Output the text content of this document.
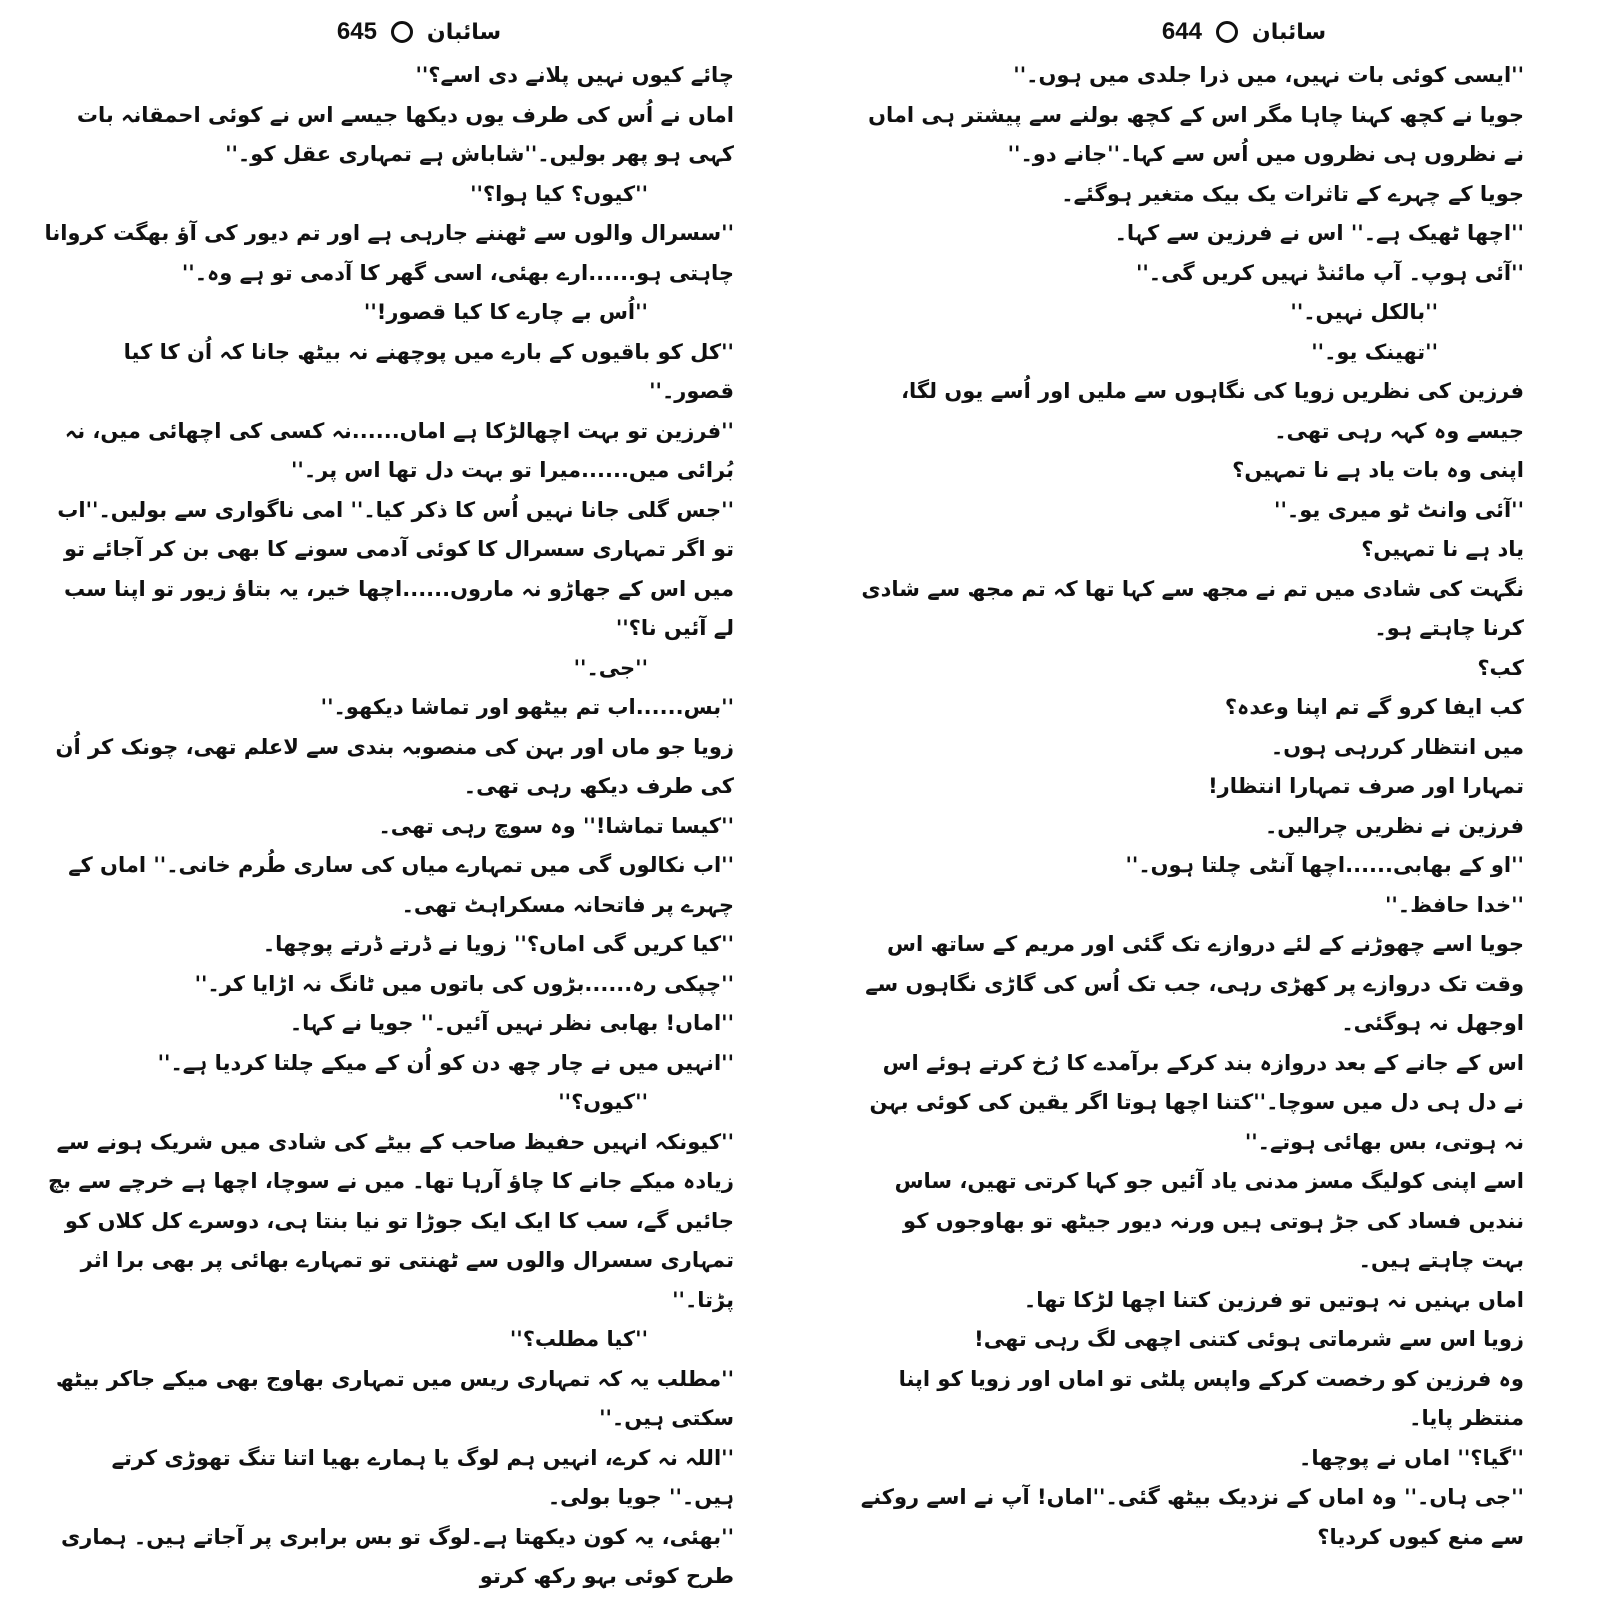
645 سائبان

چائے کیوں نہیں پلانے دی اسے؟''

اماں نے اُس کی طرف یوں دیکھا جیسے اس نے کوئی احمقانہ بات کہی ہو پھر بولیں۔''شاباش ہے تمہاری عقل کو۔''

''کیوں؟ کیا ہوا؟''

''سسرال والوں سے ٹھننے جارہی ہے اور تم دیور کی آؤ بھگت کروانا چاہتی ہو......ارے بھئی، اسی گھر کا آدمی تو ہے وہ۔''

''اُس بے چارے کا کیا قصور!''

''کل کو باقیوں کے بارے میں پوچھنے نہ بیٹھ جانا کہ اُن کا کیا قصور۔''

''فرزین تو بہت اچھالڑکا ہے اماں......نہ کسی کی اچھائی میں، نہ بُرائی میں......میرا تو بہت دل تھا اس پر۔''

''جس گلی جانا نہیں اُس کا ذکر کیا۔'' امی ناگواری سے بولیں۔''اب تو اگر تمہاری سسرال کا کوئی آدمی سونے کا بھی بن کر آجائے تو میں اس کے جھاڑو نہ ماروں......اچھا خیر، یہ بتاؤ زیور تو اپنا سب لے آئیں نا؟''

''جی۔''

''بس......اب تم بیٹھو اور تماشا دیکھو۔''

زویا جو ماں اور بہن کی منصوبہ بندی سے لاعلم تھی، چونک کر اُن کی طرف دیکھ رہی تھی۔

''کیسا تماشا!'' وہ سوچ رہی تھی۔

''اب نکالوں گی میں تمہارے میاں کی ساری طُرم خانی۔'' اماں کے چہرے پر فاتحانہ مسکراہٹ تھی۔

''کیا کریں گی اماں؟'' زویا نے ڈرتے ڈرتے پوچھا۔

''چپکی رہ......بڑوں کی باتوں میں ٹانگ نہ اڑایا کر۔''

''اماں! بھابی نظر نہیں آئیں۔'' جویا نے کہا۔

''انہیں میں نے چار چھ دن کو اُن کے میکے چلتا کردیا ہے۔''

''کیوں؟''

''کیونکہ انہیں حفیظ صاحب کے بیٹے کی شادی میں شریک ہونے سے زیادہ میکے جانے کا چاؤ آرہا تھا۔ میں نے سوچا، اچھا ہے خرچے سے بچ جائیں گے، سب کا ایک ایک جوڑا تو نیا بنتا ہی، دوسرے کل کلاں کو تمہاری سسرال والوں سے ٹھنتی تو تمہارے بھائی پر بھی برا اثر پڑتا۔''

''کیا مطلب؟''

''مطلب یہ کہ تمہاری ریس میں تمہاری بھاوج بھی میکے جاکر بیٹھ سکتی ہیں۔''

''اللہ نہ کرے، انہیں ہم لوگ یا ہمارے بھیا اتنا تنگ تھوڑی کرتے ہیں۔'' جویا بولی۔

''بھئی، یہ کون دیکھتا ہے۔لوگ تو بس برابری پر آجاتے ہیں۔ ہماری طرح کوئی بہو رکھ کرتو

644 سائبان

''ایسی کوئی بات نہیں، میں ذرا جلدی میں ہوں۔''

جویا نے کچھ کہنا چاہا مگر اس کے کچھ بولنے سے پیشتر ہی اماں نے نظروں ہی نظروں میں اُس سے کہا۔''جانے دو۔''

جویا کے چہرے کے تاثرات یک بیک متغیر ہوگئے۔

''اچھا ٹھیک ہے۔'' اس نے فرزین سے کہا۔

''آئی ہوپ۔ آپ مائنڈ نہیں کریں گی۔''

''بالکل نہیں۔''

''تھینک یو۔''

فرزین کی نظریں زویا کی نگاہوں سے ملیں اور اُسے یوں لگا، جیسے وہ کہہ رہی تھی۔

اپنی وہ بات یاد ہے نا تمہیں؟

''آئی وانٹ ٹو میری یو۔''

یاد ہے نا تمہیں؟

نگہت کی شادی میں تم نے مجھ سے کہا تھا کہ تم مجھ سے شادی کرنا چاہتے ہو۔

کب؟

کب ایفا کرو گے تم اپنا وعدہ؟

میں انتظار کررہی ہوں۔

تمہارا اور صرف تمہارا انتظار!

فرزین نے نظریں چرالیں۔

''او کے بھابی......اچھا آنٹی چلتا ہوں۔''

''خدا حافظ۔''

جویا اسے چھوڑنے کے لئے دروازے تک گئی اور مریم کے ساتھ اس وقت تک دروازے پر کھڑی رہی، جب تک اُس کی گاڑی نگاہوں سے اوجھل نہ ہوگئی۔

اس کے جانے کے بعد دروازہ بند کرکے برآمدے کا رُخ کرتے ہوئے اس نے دل ہی دل میں سوچا۔''کتنا اچھا ہوتا اگر یقین کی کوئی بہن نہ ہوتی، بس بھائی ہوتے۔''

اسے اپنی کولیگ مسز مدنی یاد آئیں جو کہا کرتی تھیں، ساس نندیں فساد کی جڑ ہوتی ہیں ورنہ دیور جیٹھ تو بھاوجوں کو بہت چاہتے ہیں۔

اماں بہنیں نہ ہوتیں تو فرزین کتنا اچھا لڑکا تھا۔

زویا اس سے شرماتی ہوئی کتنی اچھی لگ رہی تھی!

وہ فرزین کو رخصت کرکے واپس پلٹی تو اماں اور زویا کو اپنا منتظر پایا۔

''گیا؟'' اماں نے پوچھا۔

''جی ہاں۔'' وہ اماں کے نزدیک بیٹھ گئی۔''اماں! آپ نے اسے روکنے سے منع کیوں کردیا؟
